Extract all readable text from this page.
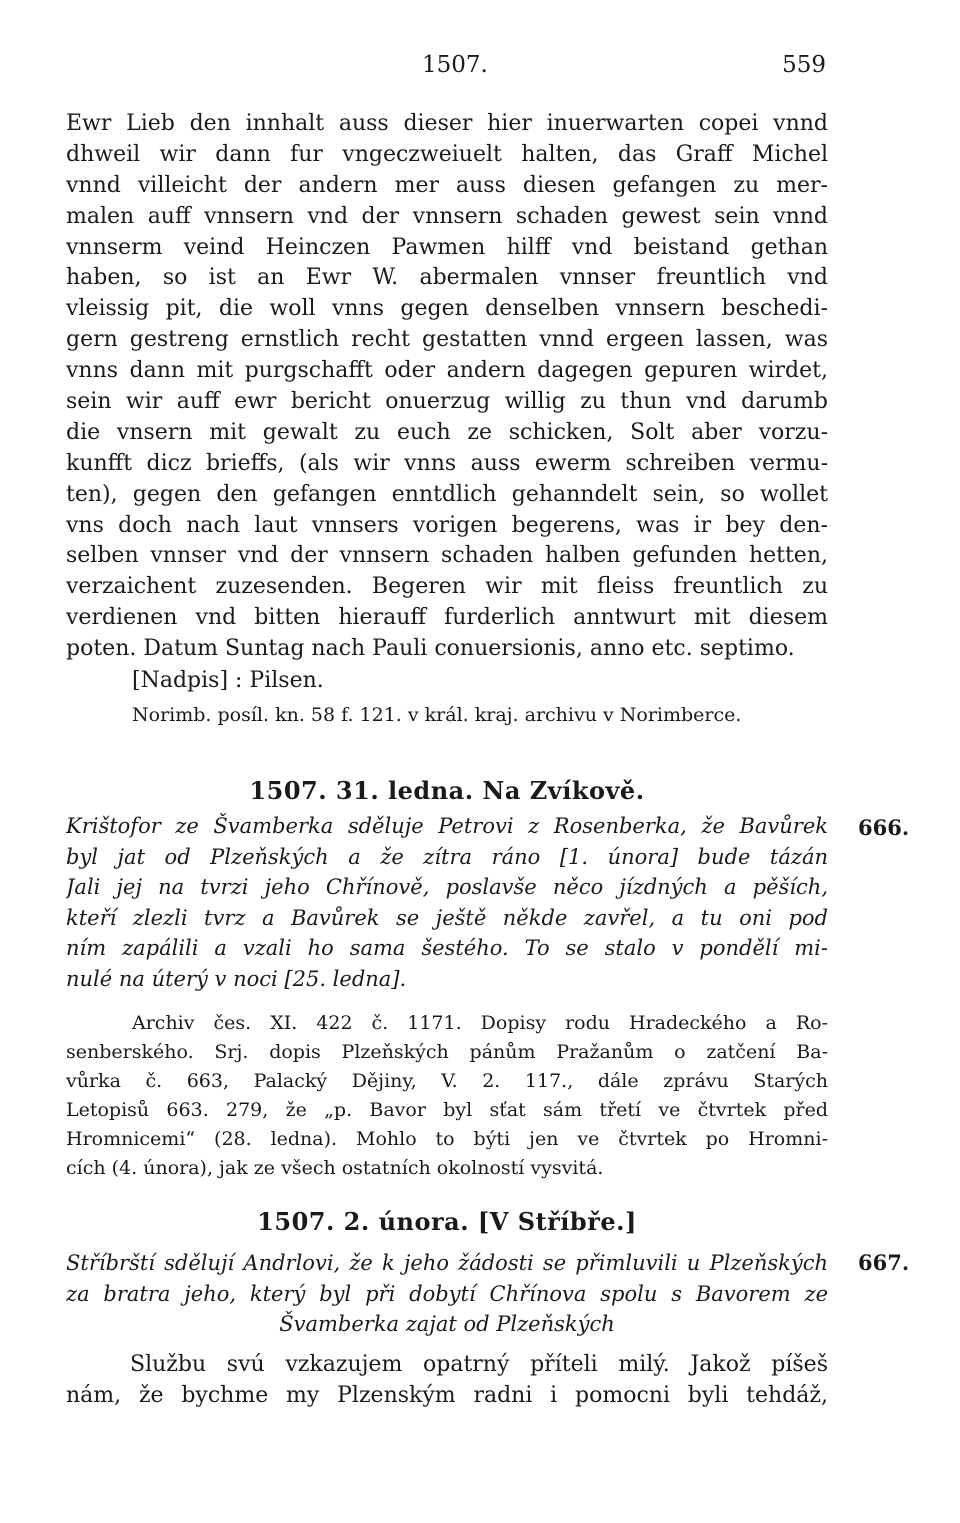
1507.	559
Ewr Lieb den innhalt auss dieser hier inuerwarten copei vnnd
dhweil wir dann fur vngeczweiuelt halten, das Graff Michel
vnnd villeicht der andern mer auss diesen gefangen zu mer-
malen auff vnnsern vnd der vnnsern schaden gewest sein vnnd
vnnserm veind Heinczen Pawmen hilff vnd beistand gethan
haben, so ist an Ewr W. abermalen vnnser freuntlich vnd
vleissig pit, die woll vnns gegen denselben vnnsern beschedi-
gern gestreng ernstlich recht gestatten vnnd ergeen lassen, was
vnns dann mit purgschafft oder andern dagegen gepuren wirdet,
sein wir auff ewr bericht onuerzug willig zu thun vnd darumb
die vnsern mit gewalt zu euch ze schicken, Solt aber vorzu-
kunfft dicz brieffs, (als wir vnns auss ewerm schreiben vermu-
ten), gegen den gefangen enntdlich gehanndelt sein, so wollet
vns doch nach laut vnnsers vorigen begerens, was ir bey den-
selben vnnser vnd der vnnsern schaden halben gefunden hetten,
verzaichent zuzesenden. Begeren wir mit fleiss freuntlich zu
verdienen vnd bitten hierauff furderlich anntwurt mit diesem
poten. Datum Suntag nach Pauli conuersionis, anno etc. septimo.
[Nadpis] : Pilsen.
Norimb. posíl. kn. 58 f. 121. v král. kraj. archivu v Norimberce.
1507. 31. ledna. Na Zvíkově.
666.
Krištofor ze Švamberka sděluje Petrovi z Rosenberka, že Bavůrek
byl jat od Plzeňských a že zítra ráno [1. února] bude tázán
Jali jej na tvrzi jeho Chřínově, poslavše něco jízdných a pěších,
kteří zlezli tvrz a Bavůrek se ještě někde zavřel, a tu oni pod
ním zapálili a vzali ho sama šestého. To se stalo v pondělí mi-
nulé na úterý v noci [25. ledna].
Archiv čes. XI. 422 č. 1171. Dopisy rodu Hradeckého a Ro-
senberského. Srj. dopis Plzeňských pánům Pražanům o zatčení Ba-
vůrka č. 663, Palacký Dějiny, V. 2. 117., dále zprávu Starých
Letopisů 663. 279, že „p. Bavor byl sťat sám třetí ve čtvrtek před
Hromnicemi“ (28. ledna). Mohlo to býti jen ve čtvrtek po Hromni-
cích (4. února), jak ze všech ostatních okolností vysvitá.
1507. 2. února. [V Stříbře.]
667.
Stříbrští sdělují Andrlovi, že k jeho žádosti se přimluvili u Plzeňských
za bratra jeho, který byl při dobytí Chřínova spolu s Bavorem ze
Švamberka zajat od Plzeňských
Službu svú vzkazujem opatrný příteli milý. Jakož píšeš
nám, že bychme my Plzenským radni i pomocni byli tehdáž,
